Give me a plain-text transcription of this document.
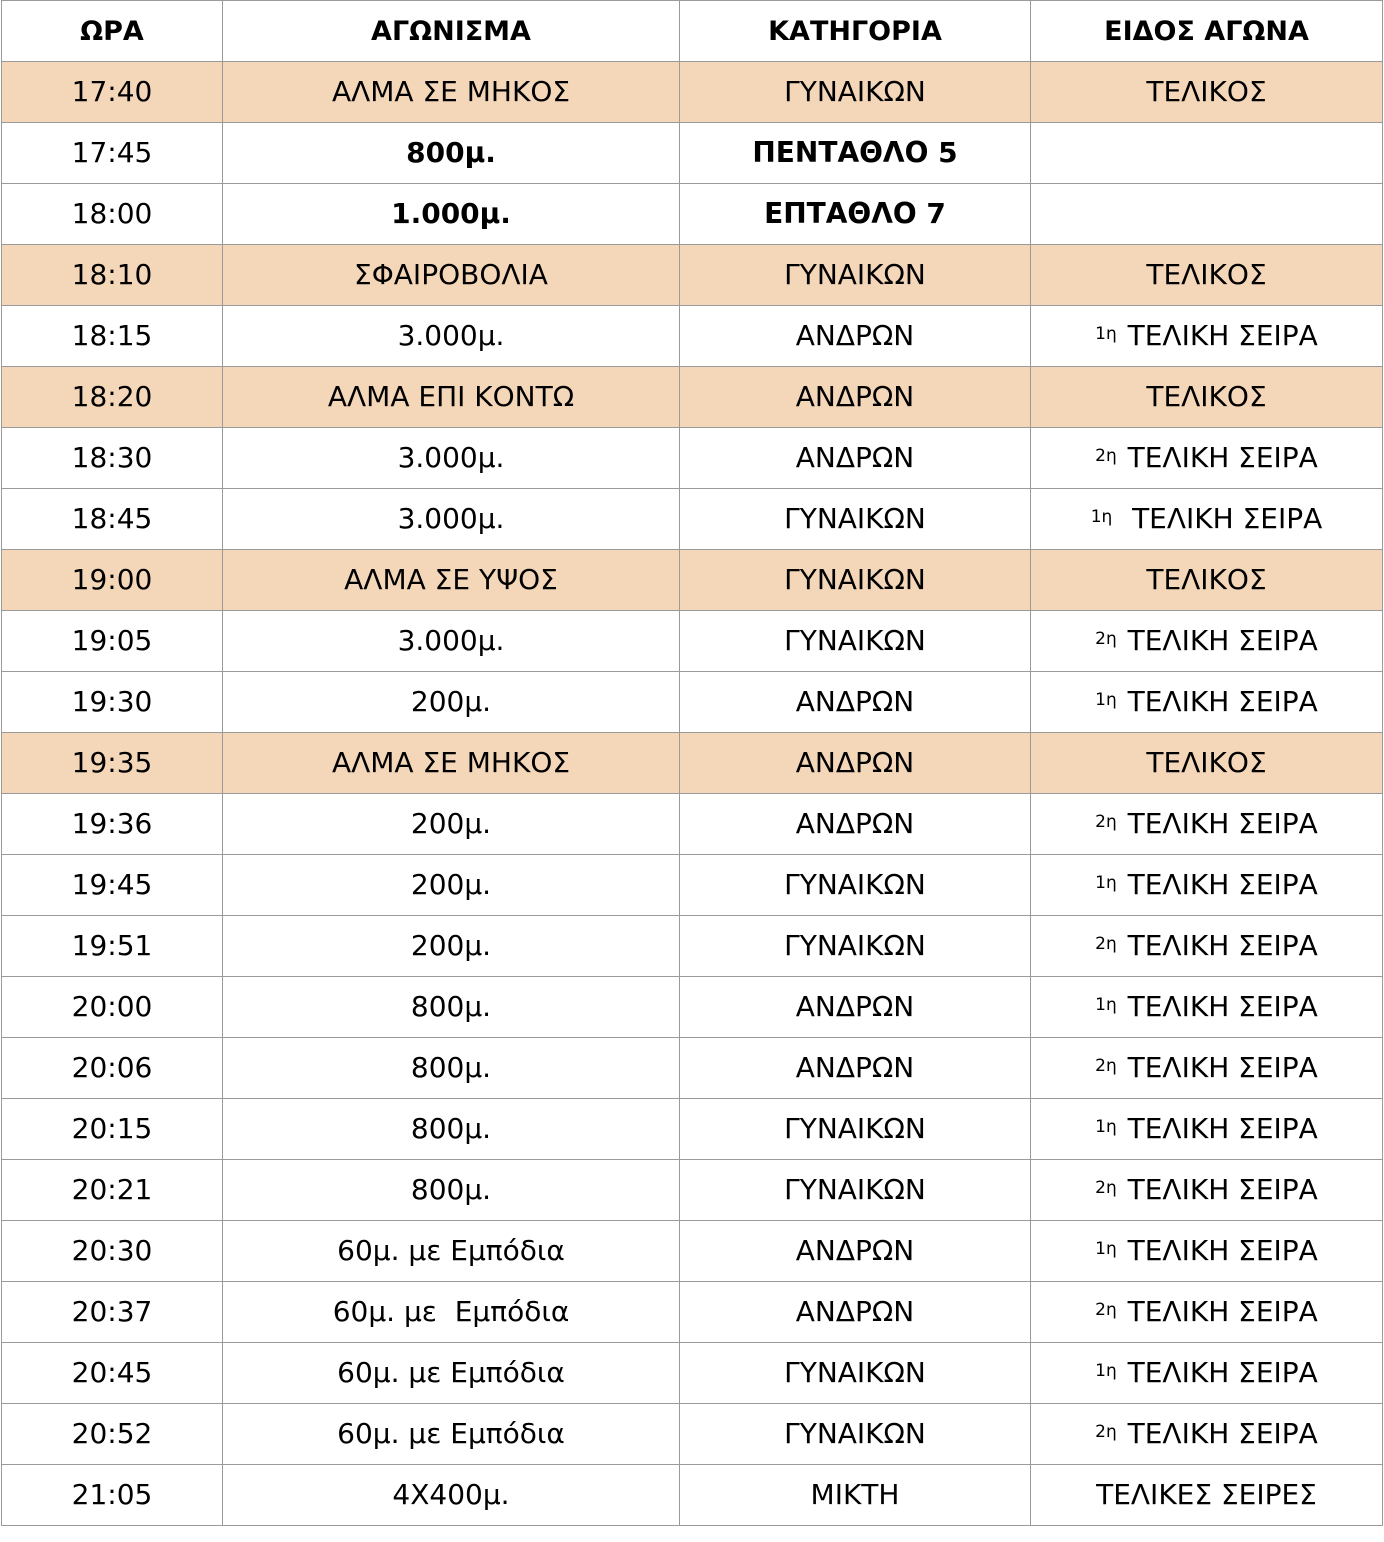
ΩΡΑ	ΑΓΩΝΙΣΜΑ	ΚΑΤΗΓΟΡΙΑ	ΕΙΔΟΣ ΑΓΩΝΑ
17:40	ΑΛΜΑ ΣΕ ΜΗΚΟΣ	ΓΥΝΑΙΚΩΝ	ΤΕΛΙΚΟΣ
17:45	800μ.	ΠΕΝΤΑΘΛΟ 5	
18:00	1.000μ.	ΕΠΤΑΘΛΟ 7	
18:10	ΣΦΑΙΡΟΒΟΛΙΑ	ΓΥΝΑΙΚΩΝ	ΤΕΛΙΚΟΣ
18:15	3.000μ.	ΑΝΔΡΩΝ	$^{1\eta}$ ΤΕΛΙΚΗ ΣΕΙΡΑ
18:20	ΑΛΜΑ ΕΠΙ ΚΟΝΤΩ	ΑΝΔΡΩΝ	ΤΕΛΙΚΟΣ
18:30	3.000μ.	ΑΝΔΡΩΝ	$^{2\eta}$ ΤΕΛΙΚΗ ΣΕΙΡΑ
18:45	3.000μ.	ΓΥΝΑΙΚΩΝ	$^{1\eta}$  ΤΕΛΙΚΗ ΣΕΙΡΑ
19:00	ΑΛΜΑ ΣΕ ΥΨΟΣ	ΓΥΝΑΙΚΩΝ	ΤΕΛΙΚΟΣ
19:05	3.000μ.	ΓΥΝΑΙΚΩΝ	$^{2\eta}$ ΤΕΛΙΚΗ ΣΕΙΡΑ
19:30	200μ.	ΑΝΔΡΩΝ	$^{1\eta}$ ΤΕΛΙΚΗ ΣΕΙΡΑ
19:35	ΑΛΜΑ ΣΕ ΜΗΚΟΣ	ΑΝΔΡΩΝ	ΤΕΛΙΚΟΣ
19:36	200μ.	ΑΝΔΡΩΝ	$^{2\eta}$ ΤΕΛΙΚΗ ΣΕΙΡΑ
19:45	200μ.	ΓΥΝΑΙΚΩΝ	$^{1\eta}$ ΤΕΛΙΚΗ ΣΕΙΡΑ
19:51	200μ.	ΓΥΝΑΙΚΩΝ	$^{2\eta}$ ΤΕΛΙΚΗ ΣΕΙΡΑ
20:00	800μ.	ΑΝΔΡΩΝ	$^{1\eta}$ ΤΕΛΙΚΗ ΣΕΙΡΑ
20:06	800μ.	ΑΝΔΡΩΝ	$^{2\eta}$ ΤΕΛΙΚΗ ΣΕΙΡΑ
20:15	800μ.	ΓΥΝΑΙΚΩΝ	$^{1\eta}$ ΤΕΛΙΚΗ ΣΕΙΡΑ
20:21	800μ.	ΓΥΝΑΙΚΩΝ	$^{2\eta}$ ΤΕΛΙΚΗ ΣΕΙΡΑ
20:30	60μ. με Εμπόδια	ΑΝΔΡΩΝ	$^{1\eta}$ ΤΕΛΙΚΗ ΣΕΙΡΑ
20:37	60μ. με  Εμπόδια	ΑΝΔΡΩΝ	$^{2\eta}$ ΤΕΛΙΚΗ ΣΕΙΡΑ
20:45	60μ. με Εμπόδια	ΓΥΝΑΙΚΩΝ	$^{1\eta}$ ΤΕΛΙΚΗ ΣΕΙΡΑ
20:52	60μ. με Εμπόδια	ΓΥΝΑΙΚΩΝ	$^{2\eta}$ ΤΕΛΙΚΗ ΣΕΙΡΑ
21:05	4Χ400μ.	ΜΙΚΤΗ	ΤΕΛΙΚΕΣ ΣΕΙΡΕΣ
